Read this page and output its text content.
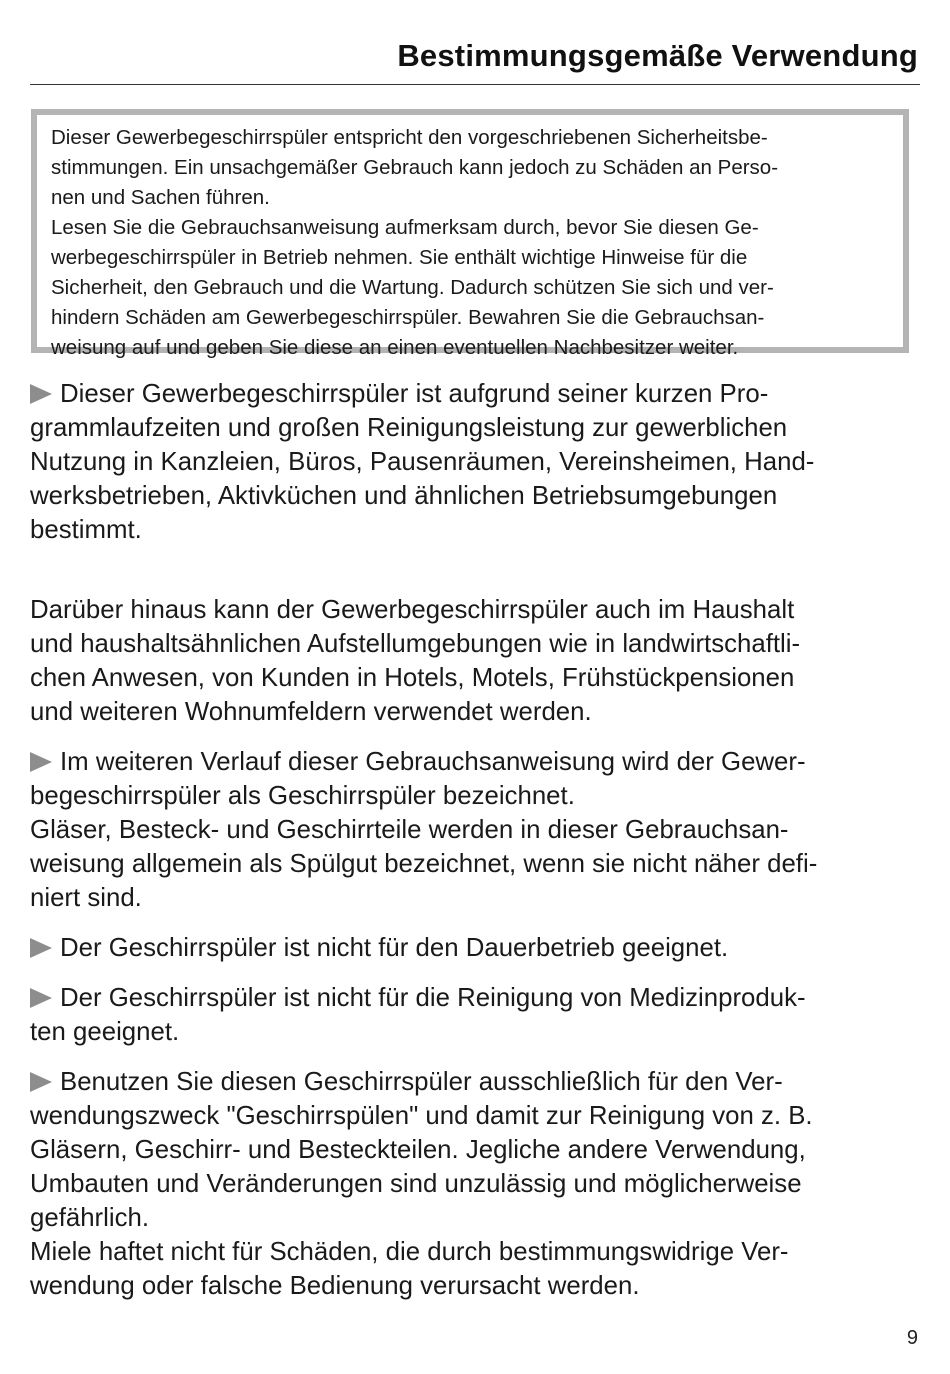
Bestimmungsgemäße Verwendung

Dieser Gewerbegeschirrspüler entspricht den vorgeschriebenen Sicherheitsbe-

stimmungen. Ein unsachgemäßer Gebrauch kann jedoch zu Schäden an Perso-

nen und Sachen führen.

Lesen Sie die Gebrauchsanweisung aufmerksam durch, bevor Sie diesen Ge-

werbegeschirrspüler in Betrieb nehmen. Sie enthält wichtige Hinweise für die

Sicherheit, den Gebrauch und die Wartung. Dadurch schützen Sie sich und ver-

hindern Schäden am Gewerbegeschirrspüler. Bewahren Sie die Gebrauchsan-

weisung auf und geben Sie diese an einen eventuellen Nachbesitzer weiter.

Dieser Gewerbegeschirrspüler ist aufgrund seiner kurzen Pro-
grammlaufzeiten und großen Reinigungsleistung zur gewerblichen
Nutzung in Kanzleien, Büros, Pausenräumen, Vereinsheimen, Hand-
werksbetrieben, Aktivküchen und ähnlichen Betriebsumgebungen
bestimmt.
Darüber hinaus kann der Gewerbegeschirrspüler auch im Haushalt
und haushaltsähnlichen Aufstellumgebungen wie in landwirtschaftli-
chen Anwesen, von Kunden in Hotels, Motels, Frühstückpensionen
und weiteren Wohnumfeldern verwendet werden.
Im weiteren Verlauf dieser Gebrauchsanweisung wird der Gewer-
begeschirrspüler als Geschirrspüler bezeichnet.
Gläser, Besteck- und Geschirrteile werden in dieser Gebrauchsan-
weisung allgemein als Spülgut bezeichnet, wenn sie nicht näher defi-
niert sind.
Der Geschirrspüler ist nicht für den Dauerbetrieb geeignet.
Der Geschirrspüler ist nicht für die Reinigung von Medizinproduk-
ten geeignet.
Benutzen Sie diesen Geschirrspüler ausschließlich für den Ver-
wendungszweck "Geschirrspülen" und damit zur Reinigung von z. B.
Gläsern, Geschirr- und Besteckteilen. Jegliche andere Verwendung,
Umbauten und Veränderungen sind unzulässig und möglicherweise
gefährlich.
Miele haftet nicht für Schäden, die durch bestimmungswidrige Ver-
wendung oder falsche Bedienung verursacht werden.
9
